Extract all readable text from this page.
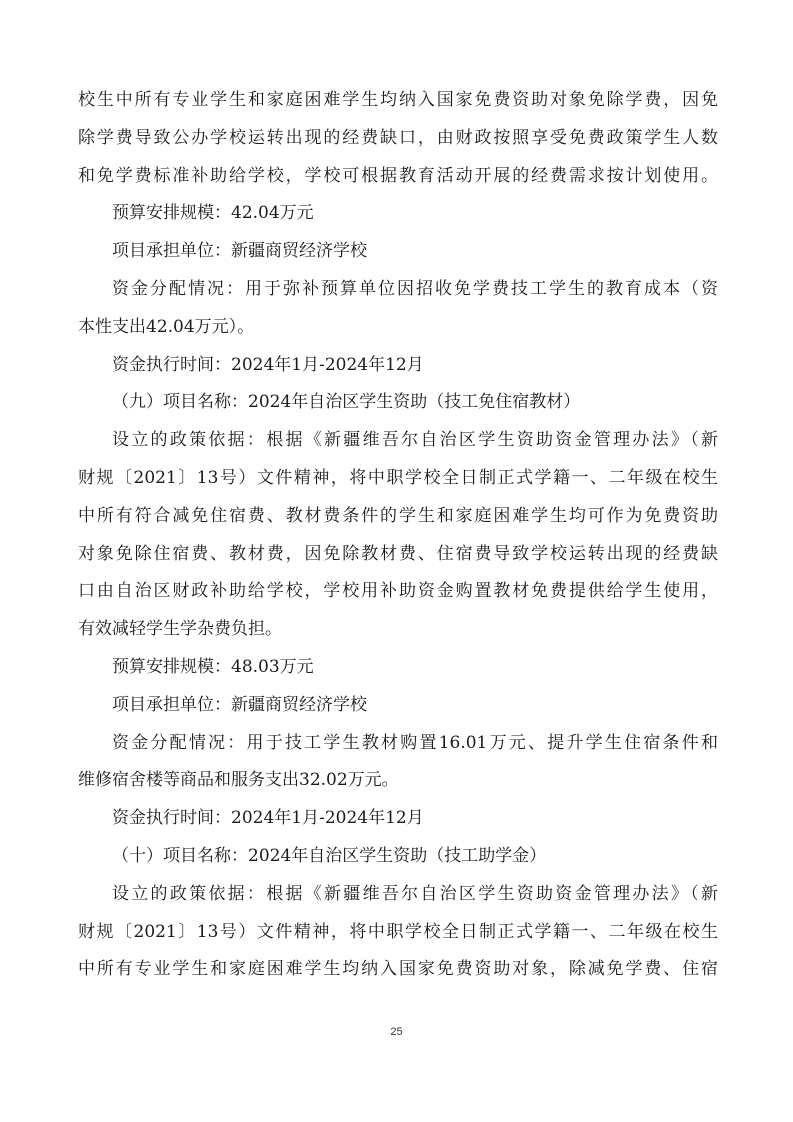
校生中所有专业学生和家庭困难学生均纳入国家免费资助对象免除学费，因免
除学费导致公办学校运转出现的经费缺口，由财政按照享受免费政策学生人数
和免学费标准补助给学校，学校可根据教育活动开展的经费需求按计划使用。
预算安排规模：42.04万元
项目承担单位：新疆商贸经济学校
资金分配情况：用于弥补预算单位因招收免学费技工学生的教育成本（资
本性支出42.04万元）。
资金执行时间：2024年1月-2024年12月
（九）项目名称：2024年自治区学生资助（技工免住宿教材）
设立的政策依据：根据《新疆维吾尔自治区学生资助资金管理办法》（新
财规〔2021〕13号）文件精神，将中职学校全日制正式学籍一、二年级在校生
中所有符合减免住宿费、教材费条件的学生和家庭困难学生均可作为免费资助
对象免除住宿费、教材费，因免除教材费、住宿费导致学校运转出现的经费缺
口由自治区财政补助给学校，学校用补助资金购置教材免费提供给学生使用，
有效减轻学生学杂费负担。
预算安排规模：48.03万元
项目承担单位：新疆商贸经济学校
资金分配情况：用于技工学生教材购置16.01万元、提升学生住宿条件和
维修宿舍楼等商品和服务支出32.02万元。
资金执行时间：2024年1月-2024年12月
（十）项目名称：2024年自治区学生资助（技工助学金）
设立的政策依据：根据《新疆维吾尔自治区学生资助资金管理办法》（新
财规〔2021〕13号）文件精神，将中职学校全日制正式学籍一、二年级在校生
中所有专业学生和家庭困难学生均纳入国家免费资助对象，除减免学费、住宿
25
